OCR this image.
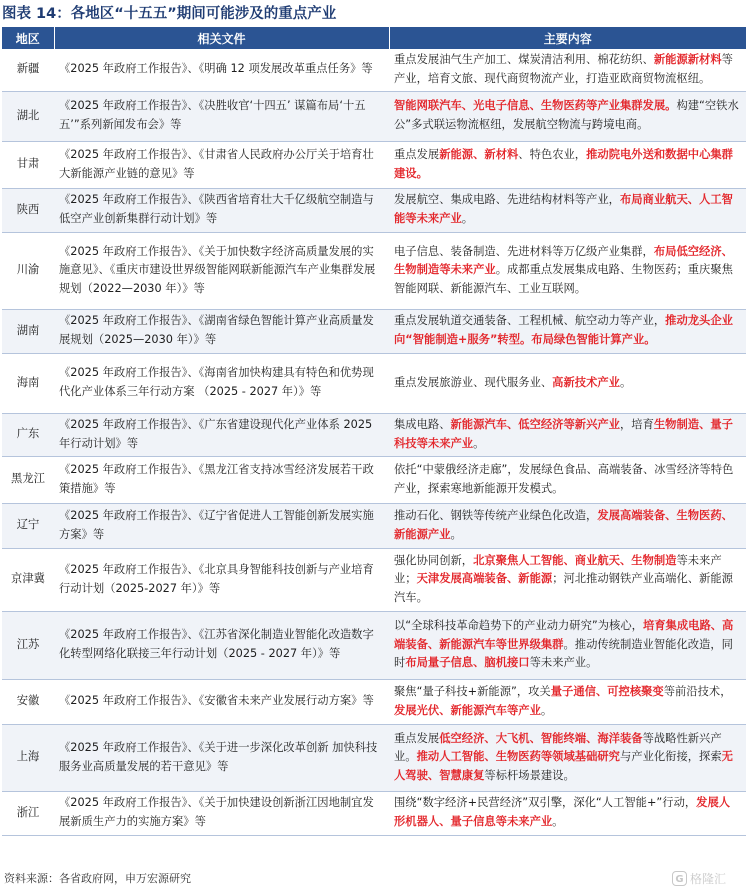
图表 14：各地区“十五五”期间可能涉及的重点产业
地区	相关文件	主要内容
新疆	《2025 年政府工作报告》、《明确 12 项发展改革重点任务》等	重点发展油气生产加工、煤炭清洁利用、棉花纺织、新能源新材料等产业，培育文旅、现代商贸物流产业，打造亚欧商贸物流枢纽。
湖北	《2025 年政府工作报告》、《决胜收官‘十四五’ 谋篇布局‘十五五’”系列新闻发布会》等	智能网联汽车、光电子信息、生物医药等产业集群发展。构建“空铁水公”多式联运物流枢纽，发展航空物流与跨境电商。
甘肃	《2025 年政府工作报告》、《甘肃省人民政府办公厅关于培育壮大新能源产业链的意见》等	重点发展新能源、新材料、特色农业，推动院电外送和数据中心集群建设。
陕西	《2025 年政府工作报告》、《陕西省培育壮大千亿级航空制造与低空产业创新集群行动计划》等	发展航空、集成电路、先进结构材料等产业，布局商业航天、人工智能等未来产业。
川渝	《2025 年政府工作报告》、《关于加快数字经济高质量发展的实施意见》、《重庆市建设世界级智能网联新能源汽车产业集群发展规划（2022—2030 年）》等	电子信息、装备制造、先进材料等万亿级产业集群，布局低空经济、生物制造等未来产业。成都重点发展集成电路、生物医药；重庆聚焦智能网联、新能源汽车、工业互联网。
湖南	《2025 年政府工作报告》、《湖南省绿色智能计算产业高质量发展规划（2025—2030 年）》等	重点发展轨道交通装备、工程机械、航空动力等产业，推动龙头企业向“智能制造+服务”转型。布局绿色智能计算产业。
海南	《2025 年政府工作报告》、《海南省加快构建具有特色和优势现代化产业体系三年行动方案 （2025 - 2027 年）》等	重点发展旅游业、现代服务业、高新技术产业。
广东	《2025 年政府工作报告》、《广东省建设现代化产业体系 2025 年行动计划》等	集成电路、新能源汽车、低空经济等新兴产业，培育生物制造、量子科技等未来产业。
黑龙江	《2025 年政府工作报告》、《黑龙江省支持冰雪经济发展若干政策措施》等	依托“中蒙俄经济走廊”，发展绿色食品、高端装备、冰雪经济等特色产业，探索寒地新能源开发模式。
辽宁	《2025 年政府工作报告》、《辽宁省促进人工智能创新发展实施方案》等	推动石化、钢铁等传统产业绿色化改造，发展高端装备、生物医药、新能源产业。
京津冀	《2025 年政府工作报告》、《北京具身智能科技创新与产业培育行动计划（2025-2027 年）》等	强化协同创新，北京聚焦人工智能、商业航天、生物制造等未来产业；天津发展高端装备、新能源；河北推动钢铁产业高端化、新能源汽车。
江苏	《2025 年政府工作报告》、《江苏省深化制造业智能化改造数字化转型网络化联接三年行动计划（2025 - 2027 年）》等	以“全球科技革命趋势下的产业动力研究”为核心，培育集成电路、高端装备、新能源汽车等世界级集群。推动传统制造业智能化改造，同时布局量子信息、脑机接口等未来产业。
安徽	《2025 年政府工作报告》、《安徽省未来产业发展行动方案》等	聚焦“量子科技+新能源”，攻关量子通信、可控核聚变等前沿技术，发展光伏、新能源汽车等产业。
上海	《2025 年政府工作报告》、《关于进一步深化改革创新 加快科技服务业高质量发展的若干意见》等	重点发展低空经济、大飞机、智能终端、海洋装备等战略性新兴产业。推动人工智能、生物医药等领域基础研究与产业化衔接，探索无人驾驶、智慧康复等标杆场景建设。
浙江	《2025 年政府工作报告》、《关于加快建设创新浙江因地制宜发展新质生产力的实施方案》等	围绕“数字经济+民营经济”双引擎，深化“人工智能+”行动，发展人形机器人、量子信息等未来产业。
资料来源：各省政府网，申万宏源研究	G 格隆汇
